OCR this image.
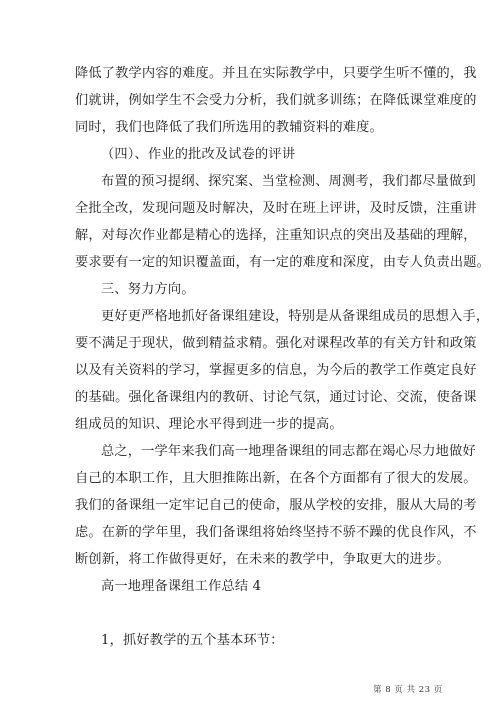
降低了教学内容的难度。并且在实际教学中，只要学生听不懂的，我
们就讲，例如学生不会受力分析，我们就多训练；在降低课堂难度的
同时，我们也降低了我们所选用的教辅资料的难度。
（四）、作业的批改及试卷的评讲
布置的预习提纲、探究案、当堂检测、周测考，我们都尽量做到
全批全改，发现问题及时解决，及时在班上评讲，及时反馈，注重讲
解，对每次作业都是精心的选择，注重知识点的突出及基础的理解，
要求要有一定的知识覆盖面，有一定的难度和深度，由专人负责出题。
三、努力方向。
更好更严格地抓好备课组建设，特别是从备课组成员的思想入手，
要不满足于现状，做到精益求精。强化对课程改革的有关方针和政策
以及有关资料的学习，掌握更多的信息，为今后的教学工作奠定良好
的基础。强化备课组内的教研、讨论气氛，通过讨论、交流，使备课
组成员的知识、理论水平得到进一步的提高。
总之，一学年来我们高一地理备课组的同志都在竭心尽力地做好
自己的本职工作，且大胆推陈出新，在各个方面都有了很大的发展。
我们的备课组一定牢记自己的使命，服从学校的安排，服从大局的考
虑。在新的学年里，我们备课组将始终坚持不骄不躁的优良作风，不
断创新，将工作做得更好，在未来的教学中，争取更大的进步。
高一地理备课组工作总结 4
1，抓好教学的五个基本环节：
第 8 页 共 23 页
